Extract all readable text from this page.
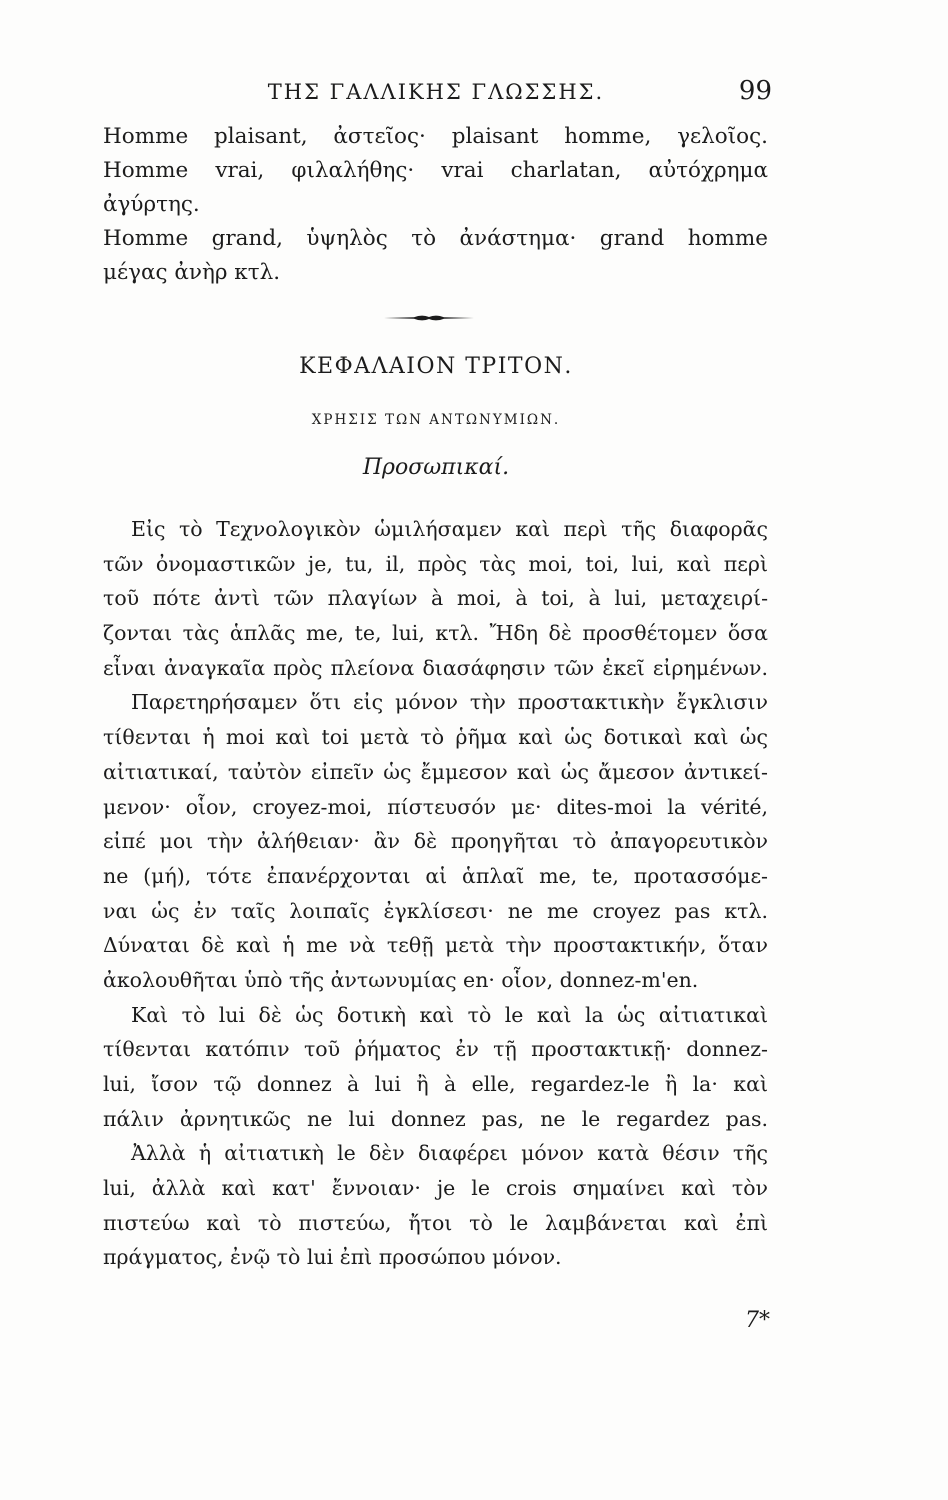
ΤΗΣ ΓΑΛΛΙΚΗΣ ΓΛΩΣΣΗΣ.	99
Homme plaisant, ἀστεῖος· plaisant homme, γελοῖος.
Homme vrai, φιλαλήθης· vrai charlatan, αὐτόχρημα
ἀγύρτης.
Homme grand, ὑψηλὸς τὸ ἀνάστημα· grand homme
μέγας ἀνὴρ κτλ.
ΚΕΦΑΛΑΙΟΝ ΤΡΙΤΟΝ.
ΧΡΗΣΙΣ ΤΩΝ ΑΝΤΩΝΥΜΙΩΝ.
Προσωπικαί.
Εἰς τὸ Τεχνολογικὸν ὡμιλήσαμεν καὶ περὶ τῆς διαφορᾶς
τῶν ὀνομαστικῶν je, tu, il, πρὸς τὰς moi, toi, lui, καὶ περὶ
τοῦ πότε ἀντὶ τῶν πλαγίων à moi, à toi, à lui, μεταχειρί-
ζονται τὰς ἁπλᾶς me, te, lui, κτλ. Ἤδη δὲ προσθέτομεν ὅσα
εἶναι ἀναγκαῖα πρὸς πλείονα διασάφησιν τῶν ἐκεῖ εἰρημένων.
Παρετηρήσαμεν ὅτι εἰς μόνον τὴν προστακτικὴν ἔγκλισιν
τίθενται ἡ moi καὶ toi μετὰ τὸ ῥῆμα καὶ ὡς δοτικαὶ καὶ ὡς
αἰτιατικαί, ταὐτὸν εἰπεῖν ὡς ἔμμεσον καὶ ὡς ἄμεσον ἀντικεί-
μενον· οἷον, croyez-moi, πίστευσόν με· dites-moi la vérité,
εἰπέ μοι τὴν ἀλήθειαν· ἂν δὲ προηγῆται τὸ ἀπαγορευτικὸν
ne (μή), τότε ἐπανέρχονται αἱ ἁπλαῖ me, te, προτασσόμε-
ναι ὡς ἐν ταῖς λοιπαῖς ἐγκλίσεσι· ne me croyez pas κτλ.
Δύναται δὲ καὶ ἡ me νὰ τεθῇ μετὰ τὴν προστακτικήν, ὅταν
ἀκολουθῆται ὑπὸ τῆς ἀντωνυμίας en· οἷον, donnez-m'en.
Καὶ τὸ lui δὲ ὡς δοτικὴ καὶ τὸ le καὶ la ὡς αἰτιατικαὶ
τίθενται κατόπιν τοῦ ῥήματος ἐν τῇ προστακτικῇ· donnez-
lui, ἴσον τῷ donnez à lui ἢ à elle, regardez-le ἢ la· καὶ
πάλιν ἀρνητικῶς ne lui donnez pas, ne le regardez pas.
Ἀλλὰ ἡ αἰτιατικὴ le δὲν διαφέρει μόνον κατὰ θέσιν τῆς
lui, ἀλλὰ καὶ κατ' ἔννοιαν· je le crois σημαίνει καὶ τὸν
πιστεύω καὶ τὸ πιστεύω, ἤτοι τὸ le λαμβάνεται καὶ ἐπὶ
πράγματος, ἐνῷ τὸ lui ἐπὶ προσώπου μόνον.
7*
